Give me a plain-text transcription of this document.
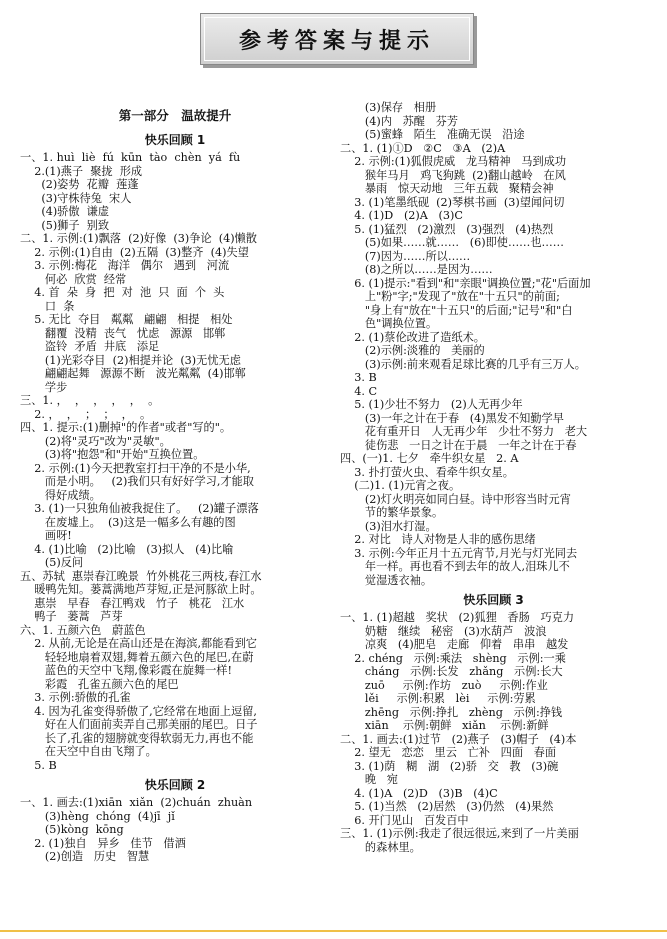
参考答案与提示
第一部分　温故提升
快乐回顾 1
一、1. huì  liè  fú  kūn  tào  chèn  yá  fù
2.(1)燕子  聚拢  形成
(2)姿势  花瓣  莲蓬
(3)守株待兔  宋人
(4)骄傲  谦虚
(5)狮子  别致
二、1. 示例:(1)飘落  (2)好像  (3)争论  (4)懒散
2. 示例:(1)自由  (2)五隔  (3)整齐  (4)失望
3. 示例:梅花   海洋   偶尔   遇到   河流
何必  欣赏  经常
4. 首  朵  身  把  对  池  只  面  个  头
口  条
5. 无比  夺目   粼粼   翩翩   相提   相处
翻覆  没精  丧气   忧虑   源源   邯郸
盗铃  矛盾  井底   添足
(1)光彩夺目  (2)相提并论  (3)无忧无虑
翩翩起舞   源源不断   波光粼粼  (4)邯郸
学步
三、1. ，  ，  ，  ，  ，  。
2. ，  ，  ；  ；  ，  。
四、1. 提示:(1)删掉"的作者"或者"写的"。
(2)将"灵巧"改为"灵敏"。
(3)将"抱怨"和"开始"互换位置。
2. 示例:(1)今天把教室打扫干净的不是小华,
而是小明。   (2)我们只有好好学习,才能取
得好成绩。
3. (1)一只独角仙被我捉住了。   (2)罐子漂落
在废墟上。  (3)这是一幅多么有趣的图
画呀!
4. (1)比喻   (2)比喻   (3)拟人   (4)比喻
(5)反问
五、苏轼  惠崇春江晚景  竹外桃花三两枝,春江水
暖鸭先知。蒌蒿满地芦芽短,正是河豚欲上时。
惠崇   早春   春江鸭戏   竹子   桃花   江水
鸭子   蒌蒿   芦芽
六、1. 五颜六色   蔚蓝色
2. 从前,无论是在高山还是在海滨,都能看到它
轻轻地扇着双翅,舞着五颜六色的尾巴,在蔚
蓝色的天空中飞翔,像彩霞在旋舞一样!
彩霞   孔雀五颜六色的尾巴
3. 示例:骄傲的孔雀
4. 因为孔雀变得骄傲了,它经常在地面上逗留,
好在人们面前卖弄自己那美丽的尾巴。日子
长了,孔雀的翅膀就变得软弱无力,再也不能
在天空中自由飞翔了。
5. B
快乐回顾 2
一、1. 画去:(1)xiān  xiǎn  (2)chuán  zhuàn
(3)hèng  chóng  (4)jī  jǐ
(5)kòng  kōng
2. (1)独自   异乡   佳节   借酒
(2)创造   历史   智慧
(3)保存   相册
(4)内   苏醒   芬芳
(5)蜜蜂   陌生   准确无误   沿途
二、1. (1)①D   ②C   ③A   (2)A
2. 示例:(1)狐假虎威   龙马精神   马到成功
猴年马月   鸡飞狗跳  (2)翻山越岭   在风
暴雨   惊天动地   三年五载   聚精会神
3. (1)笔墨纸砚  (2)琴棋书画  (3)望闻问切
4. (1)D   (2)A   (3)C
5. (1)猛烈   (2)激烈   (3)强烈   (4)热烈
(5)如果……就……   (6)即使……也……
(7)因为……所以……
(8)之所以……是因为……
6. (1)提示:"看到"和"亲眼"调换位置;"花"后面加
上"粉"字;"发现了"放在"十五只"的前面;
"身上有"放在"十五只"的后面;"记号"和"白
色"调换位置。
2. (1)蔡伦改进了造纸术。
(2)示例:淡雅的   美丽的
(3)示例:前来观看足球比赛的几乎有三万人。
3. B
4. C
5. (1)少壮不努力   (2)人无再少年
(3)一年之计在于春   (4)黑发不知勤学早
花有重开日   人无再少年   少壮不努力   老大
徒伤悲   一日之计在于晨   一年之计在于春
四、(一)1. 七夕   牵牛织女星   2. A
3. 扑打萤火虫、看牵牛织女星。
(二)1. (1)元宵之夜。
(2)灯火明亮如同白昼。诗中形容当时元宵
节的繁华景象。
(3)泪水打湿。
2. 对比   诗人对物是人非的感伤思绪
3. 示例:今年正月十五元宵节,月光与灯光同去
年一样。再也看不到去年的故人,泪珠儿不
觉湿透衣袖。
快乐回顾 3
一、1. (1)超越   奖状   (2)狐狸   香肠   巧克力
奶糖   继续   秘密   (3)水葫芦   波浪
凉爽   (4)肥皂   走廊   仰着   串串   越发
2. chéng   示例:乘法   shèng   示例:一乘
cháng   示例:长发   zhǎng   示例:长大
zuō     示例:作坊   zuò     示例:作业
lěi     示例:积累   lèi     示例:劳累
zhēng   示例:挣扎   zhèng   示例:挣钱
xiān    示例:朝鲜   xiǎn    示例:新鲜
二、1. 画去:(1)过节   (2)燕子   (3)帽子   (4)本
2. 望无   恋恋   里云   亡补   四面   春面
3. (1)荫   糊   湖   (2)骄   交   教   (3)碗
晚   宛
4. (1)A   (2)D   (3)B   (4)C
5. (1)当然   (2)居然   (3)仍然   (4)果然
6. 开门见山   百发百中
三、1. (1)示例:我走了很远很远,来到了一片美丽
的森林里。
